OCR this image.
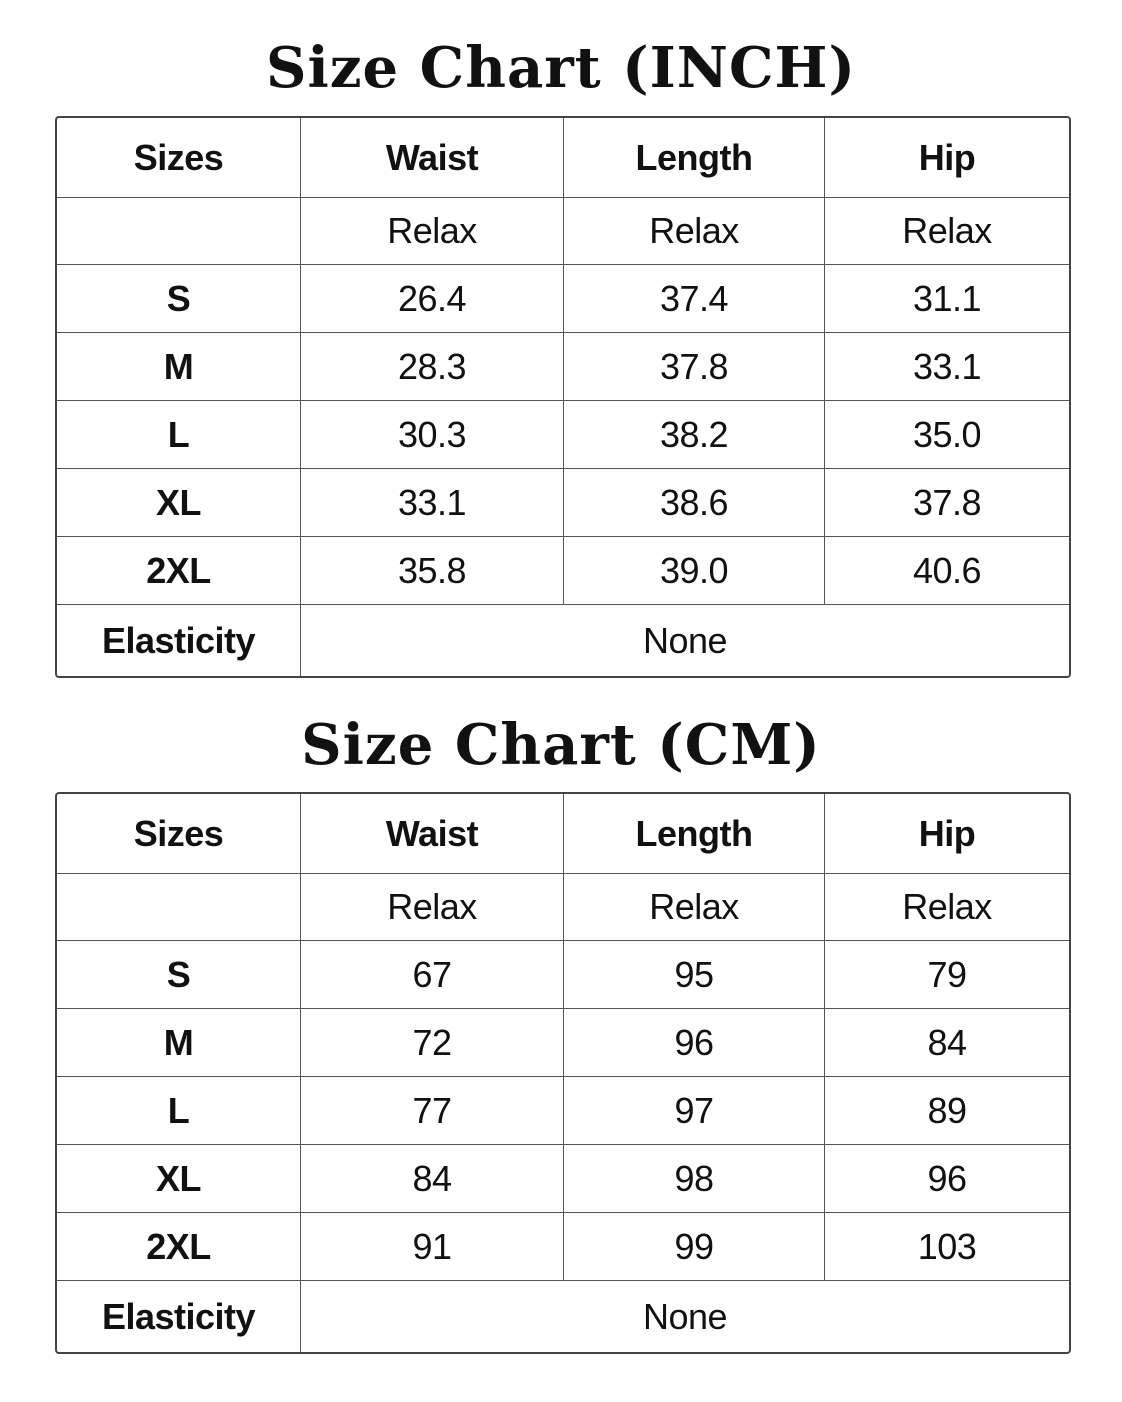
Size Chart (INCH)
Sizes	Waist	Length	Hip
	Relax	Relax	Relax
S	26.4	37.4	31.1
M	28.3	37.8	33.1
L	30.3	38.2	35.0
XL	33.1	38.6	37.8
2XL	35.8	39.0	40.6
Elasticity	None		
Size Chart (CM)
Sizes	Waist	Length	Hip
	Relax	Relax	Relax
S	67	95	79
M	72	96	84
L	77	97	89
XL	84	98	96
2XL	91	99	103
Elasticity	None		
